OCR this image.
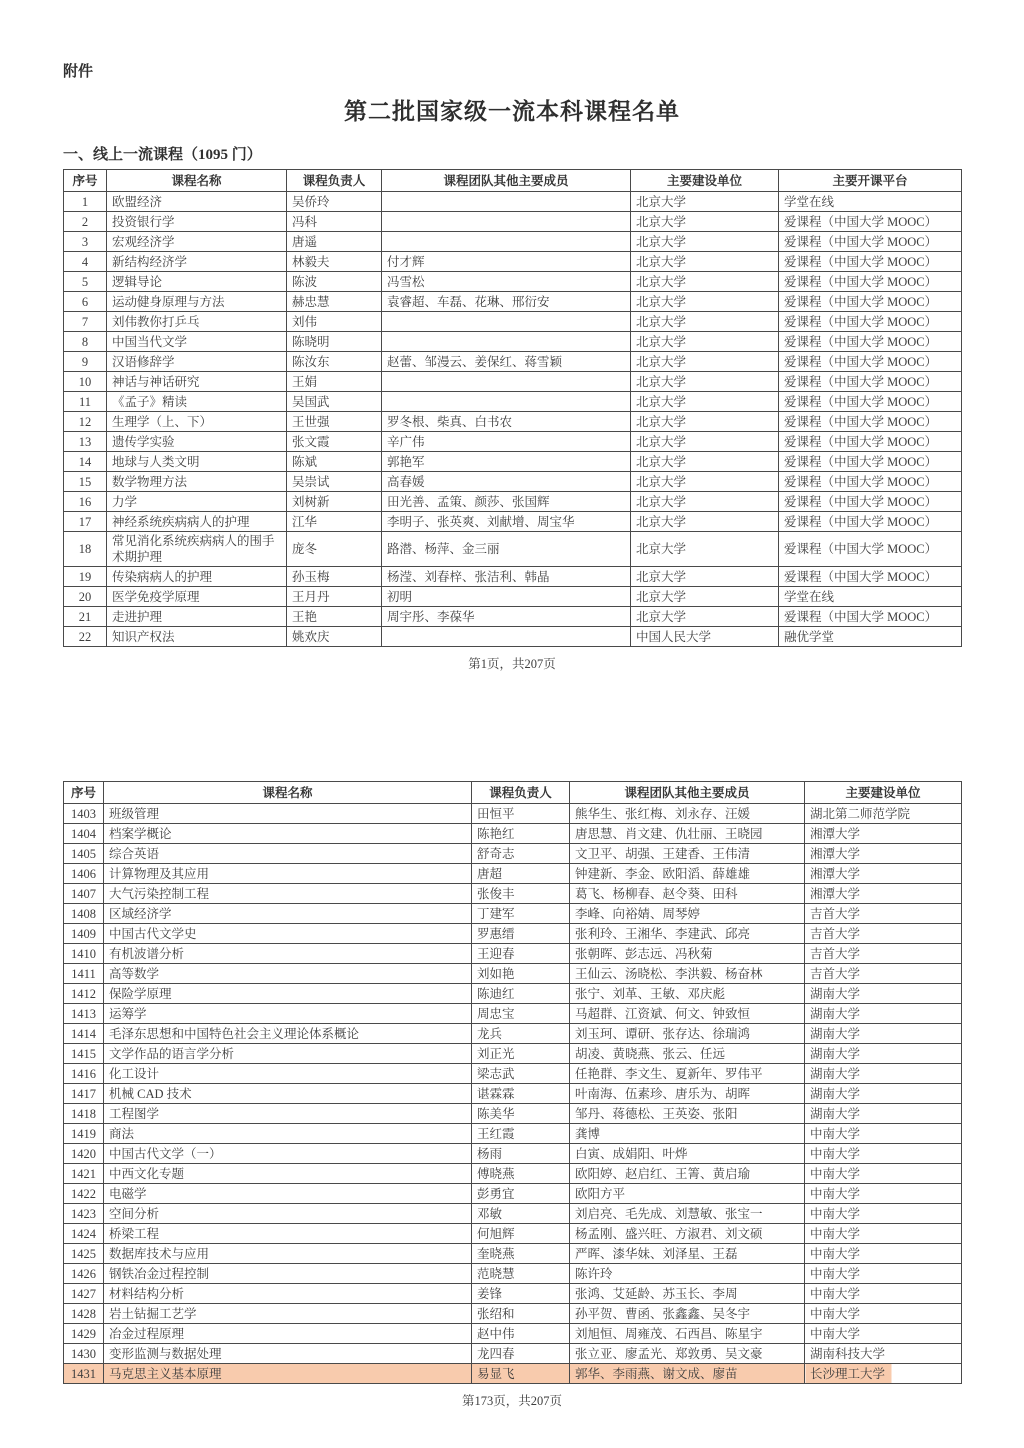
附件
第二批国家级一流本科课程名单
一、线上一流课程（1095 门）
序号	课程名称	课程负责人	课程团队其他主要成员	主要建设单位	主要开课平台
1	欧盟经济	吴侨玲		北京大学	学堂在线
2	投资银行学	冯科		北京大学	爱课程（中国大学 MOOC）
3	宏观经济学	唐遥		北京大学	爱课程（中国大学 MOOC）
4	新结构经济学	林毅夫	付才辉	北京大学	爱课程（中国大学 MOOC）
5	逻辑导论	陈波	冯雪松	北京大学	爱课程（中国大学 MOOC）
6	运动健身原理与方法	赫忠慧	袁睿超、车磊、花琳、邢衍安	北京大学	爱课程（中国大学 MOOC）
7	刘伟教你打乒乓	刘伟		北京大学	爱课程（中国大学 MOOC）
8	中国当代文学	陈晓明		北京大学	爱课程（中国大学 MOOC）
9	汉语修辞学	陈汝东	赵蕾、邹漫云、姜保红、蒋雪颖	北京大学	爱课程（中国大学 MOOC）
10	神话与神话研究	王娟		北京大学	爱课程（中国大学 MOOC）
11	《孟子》精读	吴国武		北京大学	爱课程（中国大学 MOOC）
12	生理学（上、下）	王世强	罗冬根、柴真、白书农	北京大学	爱课程（中国大学 MOOC）
13	遗传学实验	张文霞	辛广伟	北京大学	爱课程（中国大学 MOOC）
14	地球与人类文明	陈斌	郭艳军	北京大学	爱课程（中国大学 MOOC）
15	数学物理方法	吴崇试	高春媛	北京大学	爱课程（中国大学 MOOC）
16	力学	刘树新	田光善、孟策、颜莎、张国辉	北京大学	爱课程（中国大学 MOOC）
17	神经系统疾病病人的护理	江华	李明子、张英爽、刘献增、周宝华	北京大学	爱课程（中国大学 MOOC）
18	常见消化系统疾病病人的围手术期护理	庞冬	路潜、杨萍、金三丽	北京大学	爱课程（中国大学 MOOC）
19	传染病病人的护理	孙玉梅	杨滢、刘春梓、张洁利、韩晶	北京大学	爱课程（中国大学 MOOC）
20	医学免疫学原理	王月丹	初明	北京大学	学堂在线
21	走进护理	王艳	周宇彤、李葆华	北京大学	爱课程（中国大学 MOOC）
22	知识产权法	姚欢庆		中国人民大学	融优学堂
第1页，共207页
序号	课程名称	课程负责人	课程团队其他主要成员	主要建设单位
1403	班级管理	田恒平	熊华生、张红梅、刘永存、汪媛	湖北第二师范学院
1404	档案学概论	陈艳红	唐思慧、肖文建、仇壮丽、王晓园	湘潭大学
1405	综合英语	舒奇志	文卫平、胡强、王建香、王伟清	湘潭大学
1406	计算物理及其应用	唐超	钟建新、李金、欧阳滔、薛雄雄	湘潭大学
1407	大气污染控制工程	张俊丰	葛飞、杨柳春、赵令葵、田科	湘潭大学
1408	区域经济学	丁建军	李峰、向裕婧、周琴婷	吉首大学
1409	中国古代文学史	罗惠缙	张利玲、王湘华、李建武、邱亮	吉首大学
1410	有机波谱分析	王迎春	张朝晖、彭志远、冯秋菊	吉首大学
1411	高等数学	刘如艳	王仙云、汤晓松、李洪毅、杨奋林	吉首大学
1412	保险学原理	陈迪红	张宁、刘革、王敏、邓庆彪	湖南大学
1413	运筹学	周忠宝	马超群、江资斌、何文、钟致恒	湖南大学
1414	毛泽东思想和中国特色社会主义理论体系概论	龙兵	刘玉珂、谭研、张存达、徐瑞鸿	湖南大学
1415	文学作品的语言学分析	刘正光	胡凌、黄晓燕、张云、任远	湖南大学
1416	化工设计	梁志武	任艳群、李文生、夏新年、罗伟平	湖南大学
1417	机械 CAD 技术	谌霖霖	叶南海、伍素珍、唐乐为、胡晖	湖南大学
1418	工程图学	陈美华	邹丹、蒋德松、王英姿、张阳	湖南大学
1419	商法	王红霞	龚博	中南大学
1420	中国古代文学（一）	杨雨	白寅、成娟阳、叶烨	中南大学
1421	中西文化专题	傅晓燕	欧阳婷、赵启红、王箐、黄启瑜	中南大学
1422	电磁学	彭勇宜	欧阳方平	中南大学
1423	空间分析	邓敏	刘启亮、毛先成、刘慧敏、张宝一	中南大学
1424	桥梁工程	何旭辉	杨孟刚、盛兴旺、方淑君、刘文硕	中南大学
1425	数据库技术与应用	奎晓燕	严晖、漆华妹、刘泽星、王磊	中南大学
1426	钢铁冶金过程控制	范晓慧	陈许玲	中南大学
1427	材料结构分析	姜锋	张鸿、艾延龄、苏玉长、李周	中南大学
1428	岩土钻掘工艺学	张绍和	孙平贺、曹函、张鑫鑫、吴冬宇	中南大学
1429	冶金过程原理	赵中伟	刘旭恒、周雍茂、石西昌、陈星宇	中南大学
1430	变形监测与数据处理	龙四春	张立亚、廖孟光、郑敦勇、吴文豪	湖南科技大学
1431	马克思主义基本原理	易显飞	郭华、李雨燕、谢文成、廖苗	长沙理工大学
第173页，共207页
